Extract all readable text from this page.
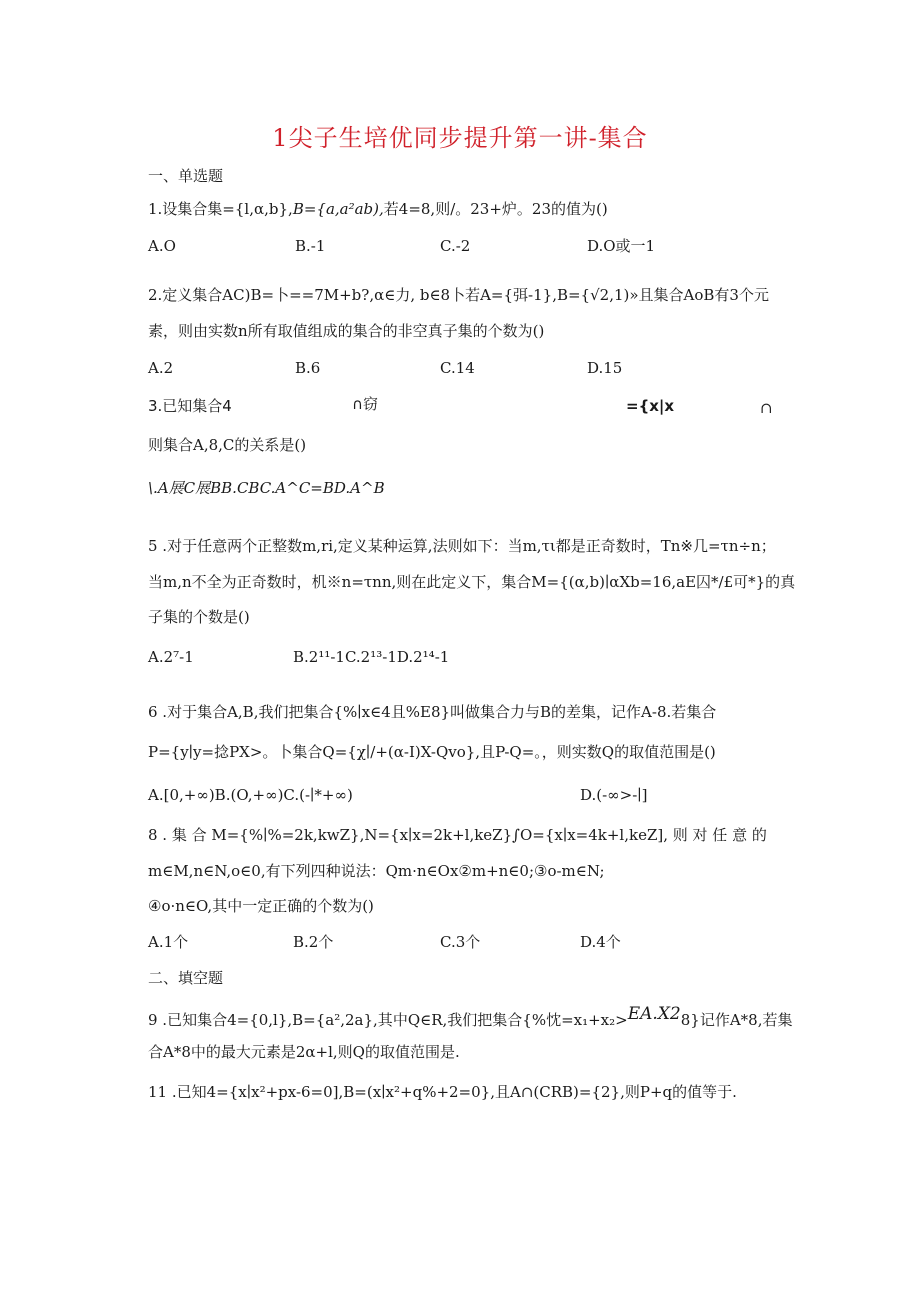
1尖子生培优同步提升第一讲-集合
一、单选题
1.设集合集={l,α,b},B={a,a²ab),若4=8,则/。23+炉。23的值为()
A.O	B.-1	C.-2	D.O或一1
2.定义集合AC)B=卜==7M+b?,α∈力, b∈8卜若A={弭-1},B={√2,1)»且集合AoB有3个元
素，则由实数n所有取值组成的集合的非空真子集的个数为()
A.2	B.6	C.14	D.15
3.已知集合4	∩窃	={x|x	∩
则集合A,8,C的关系是()
\.A展C展BB.CBC.A^C=BD.A^B
5 .对于任意两个正整数m,ri,定义某种运算,法则如下：当m,τι都是正奇数时，Tn※几=τn÷n；
当m,n不全为正奇数时，机※n=τnn,则在此定义下，集合M={(α,b)∣αXb=16,aE囚*/£可*}的真
子集的个数是()
A.2⁷-1	B.2¹¹-1C.2¹³-1D.2¹⁴-1
6 .对于集合A,B,我们把集合{%∣x∈4且%E8}叫做集合力与B的差集，记作A-8.若集合
P={y∣y=捻PX>。卜集合Q={χ∣/+(α-I)X-Qvo},且P-Q=。，则实数Q的取值范围是()
A.[0,+∞)B.(O,+∞)C.(-∣*+∞)	D.(-∞>-∣]
8 . 集 合 M={%∣%=2k,kwZ},N={x∣x=2k+l,keZ}∫O={x∣x=4k+l,keZ], 则 对 任 意 的
m∈M,n∈N,o∈0,有下列四种说法：Qm·n∈Ox②m+n∈0;③o-m∈N;
④o·n∈O,其中一定正确的个数为()
A.1个	B.2个	C.3个	D.4个
二、填空题
9 .已知集合4={0,l},B={a²,2a},其中Q∈R,我们把集合{%忱=x₁+x₂>EA.X28}记作A*8,若集
合A*8中的最大元素是2α+l,则Q的取值范围是.
11 .已知4={x∣x²+px-6=0],B=(x∣x²+q%+2=0},且A∩(CRB)={2},则P+q的值等于.
